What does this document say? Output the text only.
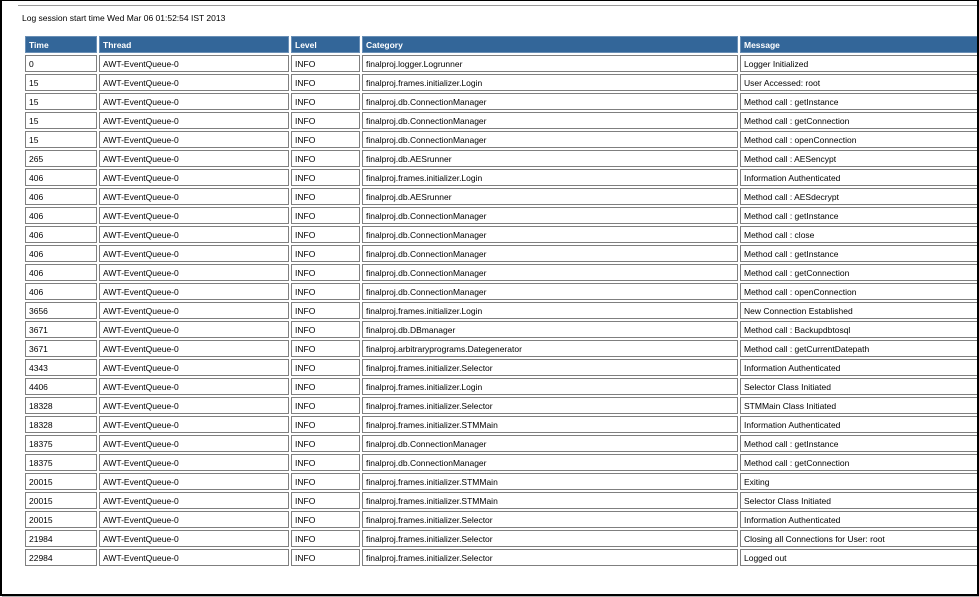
Log session start time Wed Mar 06 01:52:54 IST 2013
Time	Thread	Level	Category	Message
0	AWT-EventQueue-0	INFO	finalproj.logger.Logrunner	Logger Initialized
15	AWT-EventQueue-0	INFO	finalproj.frames.initializer.Login	User Accessed: root
15	AWT-EventQueue-0	INFO	finalproj.db.ConnectionManager	Method call : getInstance
15	AWT-EventQueue-0	INFO	finalproj.db.ConnectionManager	Method call : getConnection
15	AWT-EventQueue-0	INFO	finalproj.db.ConnectionManager	Method call : openConnection
265	AWT-EventQueue-0	INFO	finalproj.db.AESrunner	Method call : AESencypt
406	AWT-EventQueue-0	INFO	finalproj.frames.initializer.Login	Information Authenticated
406	AWT-EventQueue-0	INFO	finalproj.db.AESrunner	Method call : AESdecrypt
406	AWT-EventQueue-0	INFO	finalproj.db.ConnectionManager	Method call : getInstance
406	AWT-EventQueue-0	INFO	finalproj.db.ConnectionManager	Method call : close
406	AWT-EventQueue-0	INFO	finalproj.db.ConnectionManager	Method call : getInstance
406	AWT-EventQueue-0	INFO	finalproj.db.ConnectionManager	Method call : getConnection
406	AWT-EventQueue-0	INFO	finalproj.db.ConnectionManager	Method call : openConnection
3656	AWT-EventQueue-0	INFO	finalproj.frames.initializer.Login	New Connection Established
3671	AWT-EventQueue-0	INFO	finalproj.db.DBmanager	Method call : Backupdbtosql
3671	AWT-EventQueue-0	INFO	finalproj.arbitraryprograms.Dategenerator	Method call : getCurrentDatepath
4343	AWT-EventQueue-0	INFO	finalproj.frames.initializer.Selector	Information Authenticated
4406	AWT-EventQueue-0	INFO	finalproj.frames.initializer.Login	Selector Class Initiated
18328	AWT-EventQueue-0	INFO	finalproj.frames.initializer.Selector	STMMain Class Initiated
18328	AWT-EventQueue-0	INFO	finalproj.frames.initializer.STMMain	Information Authenticated
18375	AWT-EventQueue-0	INFO	finalproj.db.ConnectionManager	Method call : getInstance
18375	AWT-EventQueue-0	INFO	finalproj.db.ConnectionManager	Method call : getConnection
20015	AWT-EventQueue-0	INFO	finalproj.frames.initializer.STMMain	Exiting
20015	AWT-EventQueue-0	INFO	finalproj.frames.initializer.STMMain	Selector Class Initiated
20015	AWT-EventQueue-0	INFO	finalproj.frames.initializer.Selector	Information Authenticated
21984	AWT-EventQueue-0	INFO	finalproj.frames.initializer.Selector	Closing all Connections for User: root
22984	AWT-EventQueue-0	INFO	finalproj.frames.initializer.Selector	Logged out
